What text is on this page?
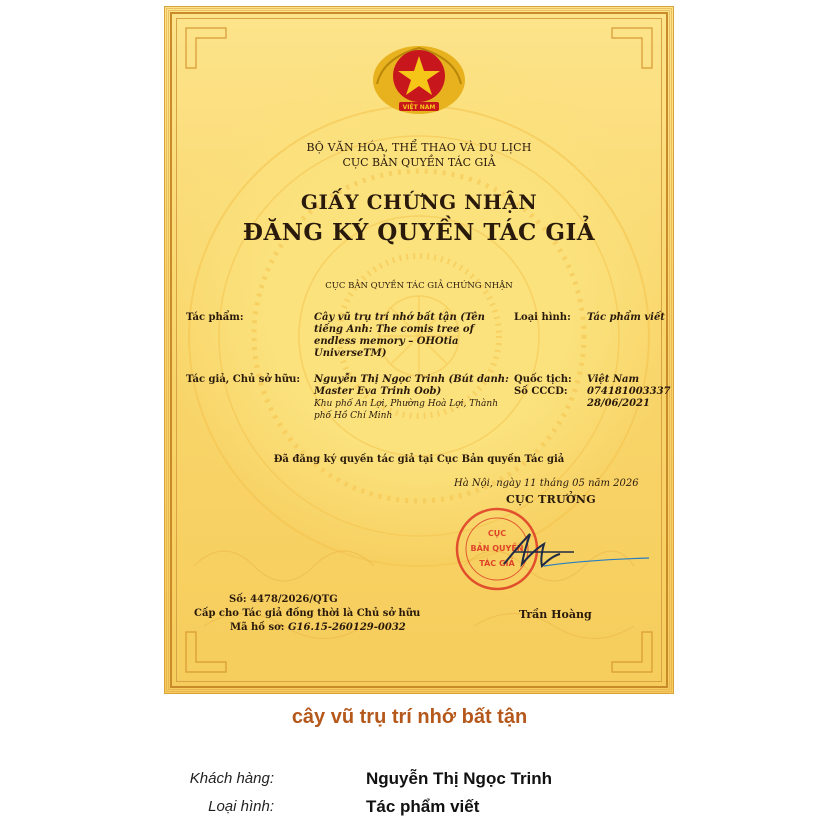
VIỆT NAM
BỘ VĂN HÓA, THỂ THAO VÀ DU LỊCH
CỤC BẢN QUYỀN TÁC GIẢ
GIẤY CHỨNG NHẬN
ĐĂNG KÝ QUYỀN TÁC GIẢ
CỤC BẢN QUYỀN TÁC GIẢ CHỨNG NHẬN
Tác phẩm:	Cây vũ trụ trí nhớ bất tận (Tên tiếng Anh: The comis tree of endless memory – OHOtia UniverseTM)
Loại hình: Tác phẩm viết
Tác giả, Chủ sở hữu: Nguyễn Thị Ngọc Trinh (Bút danh: Master Eva Trinh Oob)
Khu phố An Lợi, Phường Hoà Lợi, Thành phố Hồ Chí Minh
Quốc tịch: Việt Nam
Số CCCD: 074181003337
28/06/2021
Đã đăng ký quyền tác giả tại Cục Bản quyền Tác giả
Hà Nội, ngày 11 tháng 05 năm 2026
CỤC TRƯỞNG
CỤC
BẢN QUYỀN
TÁC GIẢ
Số: 4478/2026/QTG
Cấp cho Tác giả đồng thời là Chủ sở hữu
Mã hồ sơ: G16.15-260129-0032
Trần Hoàng
cây vũ trụ trí nhớ bất tận
Khách hàng:	Nguyễn Thị Ngọc Trinh
Loại hình:	Tác phẩm viết
